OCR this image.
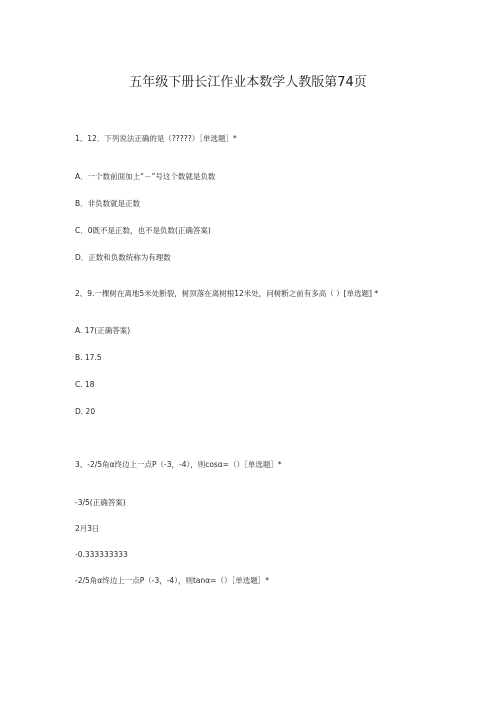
五年级下册长江作业本数学人教版第74页
1、12．下列说法正确的是（?????）［单选题］*
A．一个数前面加上“－”号这个数就是负数
B．非负数就是正数
C．0既不是正数，也不是负数(正确答案)
D．正数和负数统称为有理数
2、9.一棵树在离地5米处断裂，树顶落在离树根12米处，问树断之前有多高（ ）[单选题] *
A. 17(正确答案)
B. 17.5
C. 18
D. 20
3、-2/5角α终边上一点P（-3，-4），则cosα=（）［单选题］*
-3/5(正确答案)
2月3日
-0.333333333
-2/5角α终边上一点P（-3，-4），则tanα=（）［单选题］*
